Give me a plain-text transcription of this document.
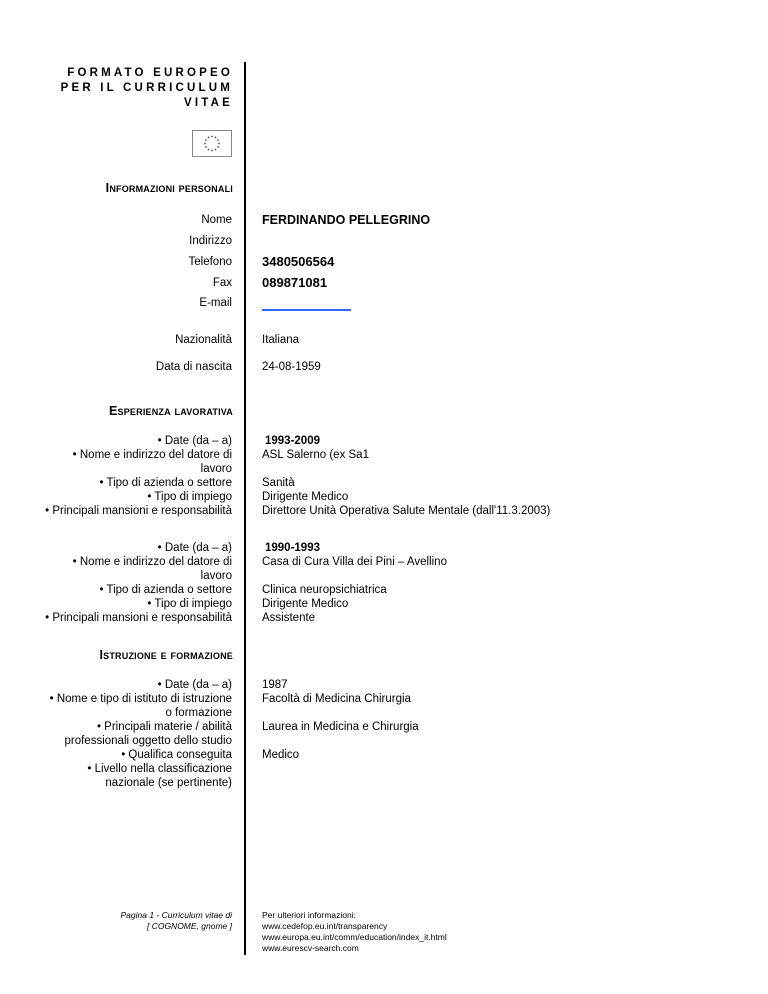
FORMATO EUROPEO
PER IL CURRICULUM
VITAE
Informazioni personali
Nome
Indirizzo
Telefono
Fax
E-mail
Nazionalità
Data di nascita
FERDINANDO PELLEGRINO
3480506564
089871081
Italiana
24-08-1959
Esperienza lavorativa
• Date (da – a)
• Nome e indirizzo del datore di
lavoro
• Tipo di azienda o settore
• Tipo di impiego
• Principali mansioni e responsabilità
1993-2009
ASL Salerno (ex Sa1
Sanità
Dirigente Medico
Direttore Unità Operativa Salute Mentale (dall'11.3.2003)
• Date (da – a)
• Nome e indirizzo del datore di
lavoro
• Tipo di azienda o settore
• Tipo di impiego
• Principali mansioni e responsabilità
1990-1993
Casa di Cura Villa dei Pini – Avellino
Clinica neuropsichiatrica
Dirigente Medico
Assistente
Istruzione e formazione
• Date (da – a)
• Nome e tipo di istituto di istruzione
o formazione
• Principali materie / abilità
professionali oggetto dello studio
• Qualifica conseguita
• Livello nella classificazione
nazionale (se pertinente)
1987
Facoltà di Medicina Chirurgia
Laurea in Medicina e Chirurgia
Medico
Pagina 1 - Curriculum vitae di
[ COGNOME, gnome ]
Per ulteriori informazioni:
www.cedefop.eu.int/transparency
www.europa.eu.int/comm/education/index_it.html
www.eurescv-search.com
